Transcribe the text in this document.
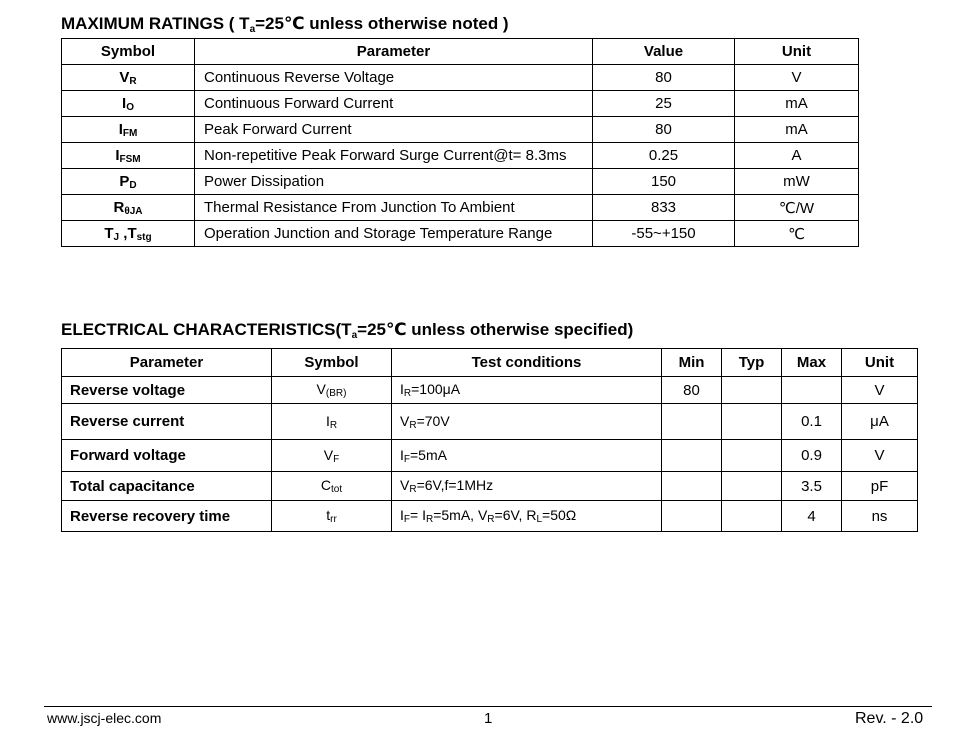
MAXIMUM RATINGS ( $T_a=25℃$ unless otherwise noted )
Symbol	Parameter	Value	Unit
$V_R$	Continuous Reverse Voltage	80	V
$I_O$	Continuous Forward Current	25	mA
$I_{FM}$	Peak Forward Current	80	mA
$I_{FSM}$	Non-repetitive Peak Forward Surge Current@t= 8.3ms	0.25	A
$P_D$	Power Dissipation	150	mW
$R_{\theta JA}$	Thermal Resistance From Junction To Ambient	833	℃/W
$T_J$ $,T_{stg}$	Operation Junction and Storage Temperature Range	-55~+150	℃
ELECTRICAL $CHARACTERISTICS(T_a=25℃$ unless otherwise specified)
Parameter	Symbol	Test conditions	Min	Typ	Max	Unit
Reverse voltage	$V_{(BR)}$	$I_R=100\mu A$	80			V
Reverse current	$I_R$	$V_R=70V$			0.1	μA
Forward voltage	$V_F$	$I_F=5mA$			0.9	V
Total capacitance	$C_{tot}$	$V_R=6V,f=1MHz$			3.5	pF
Reverse recovery time	$t_{rr}$	$I_F= I_R=5mA$, $V_R=6V$, $R_L=50\Omega$			4	ns
www.jscj-elec.com	1	Rev. - 2.0
